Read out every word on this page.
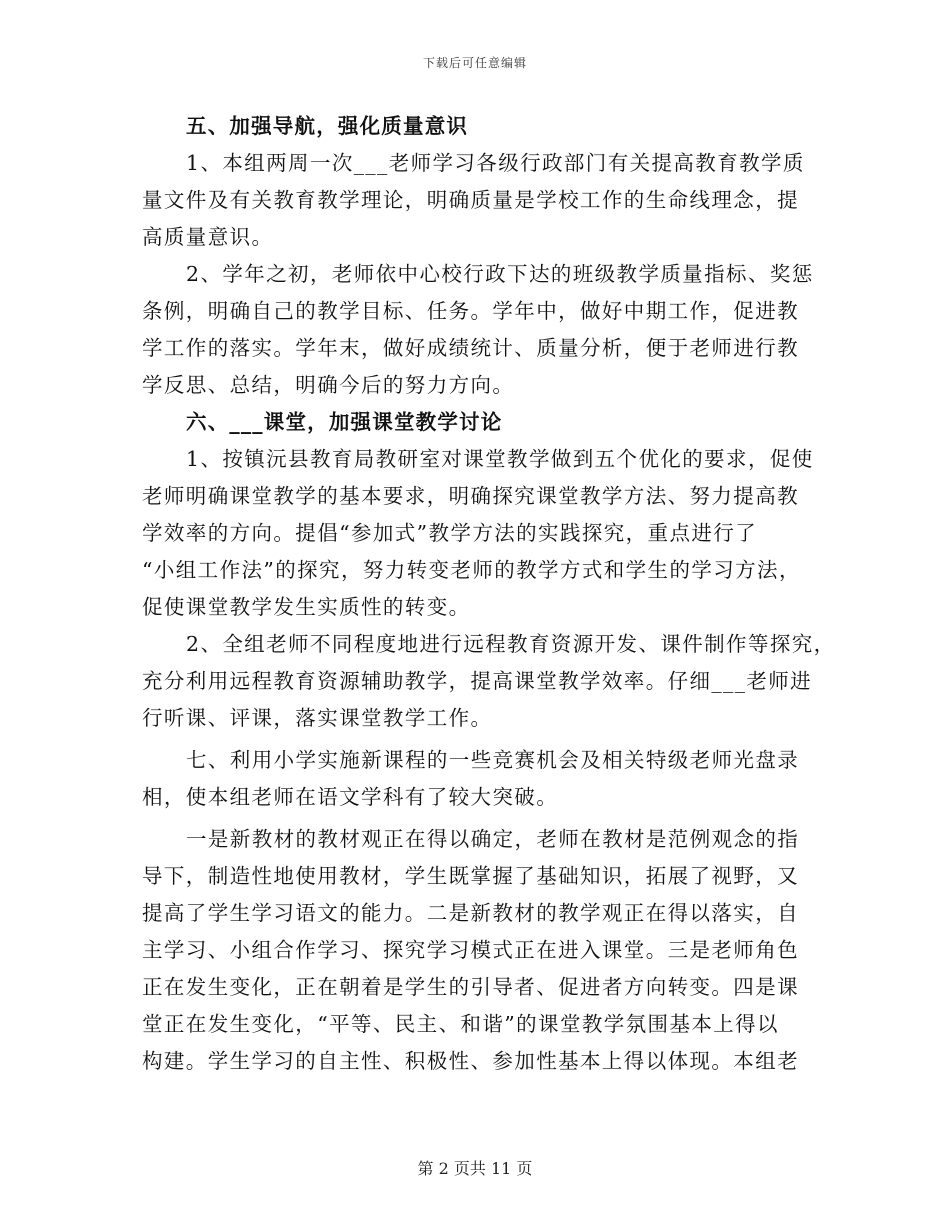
下载后可任意编辑
五、加强导航，强化质量意识
1、本组两周一次___老师学习各级行政部门有关提高教育教学质
量文件及有关教育教学理论，明确质量是学校工作的生命线理念，提
高质量意识。
2、学年之初，老师依中心校行政下达的班级教学质量指标、奖惩
条例，明确自己的教学目标、任务。学年中，做好中期工作，促进教
学工作的落实。学年末，做好成绩统计、质量分析，便于老师进行教
学反思、总结，明确今后的努力方向。
六、___课堂，加强课堂教学讨论
1、按镇沅县教育局教研室对课堂教学做到五个优化的要求，促使
老师明确课堂教学的基本要求，明确探究课堂教学方法、努力提高教
学效率的方向。提倡“参加式”教学方法的实践探究，重点进行了
“小组工作法”的探究，努力转变老师的教学方式和学生的学习方法，
促使课堂教学发生实质性的转变。
2、全组老师不同程度地进行远程教育资源开发、课件制作等探究，
充分利用远程教育资源辅助教学，提高课堂教学效率。仔细___老师进
行听课、评课，落实课堂教学工作。
七、利用小学实施新课程的一些竞赛机会及相关特级老师光盘录
相，使本组老师在语文学科有了较大突破。
一是新教材的教材观正在得以确定，老师在教材是范例观念的指
导下，制造性地使用教材，学生既掌握了基础知识，拓展了视野，又
提高了学生学习语文的能力。二是新教材的教学观正在得以落实，自
主学习、小组合作学习、探究学习模式正在进入课堂。三是老师角色
正在发生变化，正在朝着是学生的引导者、促进者方向转变。四是课
堂正在发生变化，“平等、民主、和谐”的课堂教学氛围基本上得以
构建。学生学习的自主性、积极性、参加性基本上得以体现。本组老
第 2 页共 11 页
